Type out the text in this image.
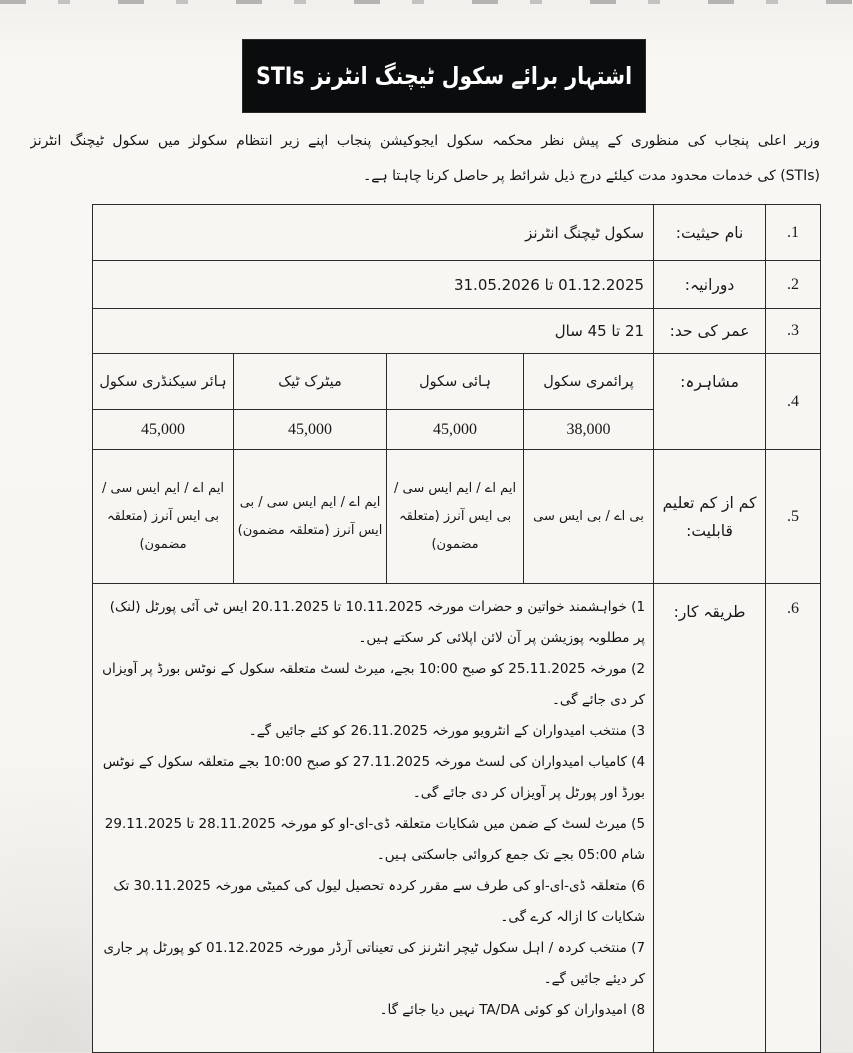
اشتہار برائے سکول ٹیچنگ انٹرنز STIs
وزیر اعلی پنجاب کی منظوری کے پیش نظر محکمہ سکول ایجوکیشن پنجاب اپنے زیر انتظام سکولز میں سکول ٹیچنگ انٹرنز
(STIs) کی خدمات محدود مدت کیلئے درج ذیل شرائط پر حاصل کرنا چاہتا ہے۔
.1	نام حیثیت:	سکول ٹیچنگ انٹرنز			
.2	دورانیہ:	01.12.2025 تا 31.05.2026			
.3	عمر کی حد:	21 تا 45 سال			
.4	مشاہرہ:	پرائمری سکول	ہائی سکول	میٹرک ٹیک	ہائر سیکنڈری سکول
		38,000	45,000	45,000	45,000
.5	کم از کم تعلیم قابلیت:	بی اے / بی ایس سی	ایم اے / ایم ایس سی / بی ایس آنرز (متعلقہ مضمون)	ایم اے / ایم ایس سی / بی ایس آنرز (متعلقہ مضمون)	ایم اے / ایم ایس سی / بی ایس آنرز (متعلقہ مضمون)
.6	طریقہ کار:	
1) خواہشمند خواتین و حضرات مورخہ 10.11.2025 تا 20.11.2025 ایس ٹی آئی پورٹل (لنک) پر مطلوبہ پوزیشن پر آن لائن اپلائی کر سکتے ہیں۔
2) مورخہ 25.11.2025 کو صبح 10:00 بجے، میرٹ لسٹ متعلقہ سکول کے نوٹس بورڈ پر آویزاں کر دی جائے گی۔
3) منتخب امیدواران کے انٹرویو مورخہ 26.11.2025 کو کئے جائیں گے۔
4) کامیاب امیدواران کی لسٹ مورخہ 27.11.2025 کو صبح 10:00 بجے متعلقہ سکول کے نوٹس بورڈ اور پورٹل پر آویزاں کر دی جائے گی۔
5) میرٹ لسٹ کے ضمن میں شکایات متعلقہ ڈی-ای-او کو مورخہ 28.11.2025 تا 29.11.2025 شام 05:00 بجے تک جمع کروائی جاسکتی ہیں۔
6) متعلقہ ڈی-ای-او کی طرف سے مقرر کردہ تحصیل لیول کی کمیٹی مورخہ 30.11.2025 تک شکایات کا ازالہ کرے گی۔
7) منتخب کردہ / اہل سکول ٹیچر انٹرنز کی تعیناتی آرڈر مورخہ 01.12.2025 کو پورٹل پر جاری کر دیئے جائیں گے۔
8) امیدواران کو کوئی TA/DA نہیں دیا جائے گا۔
